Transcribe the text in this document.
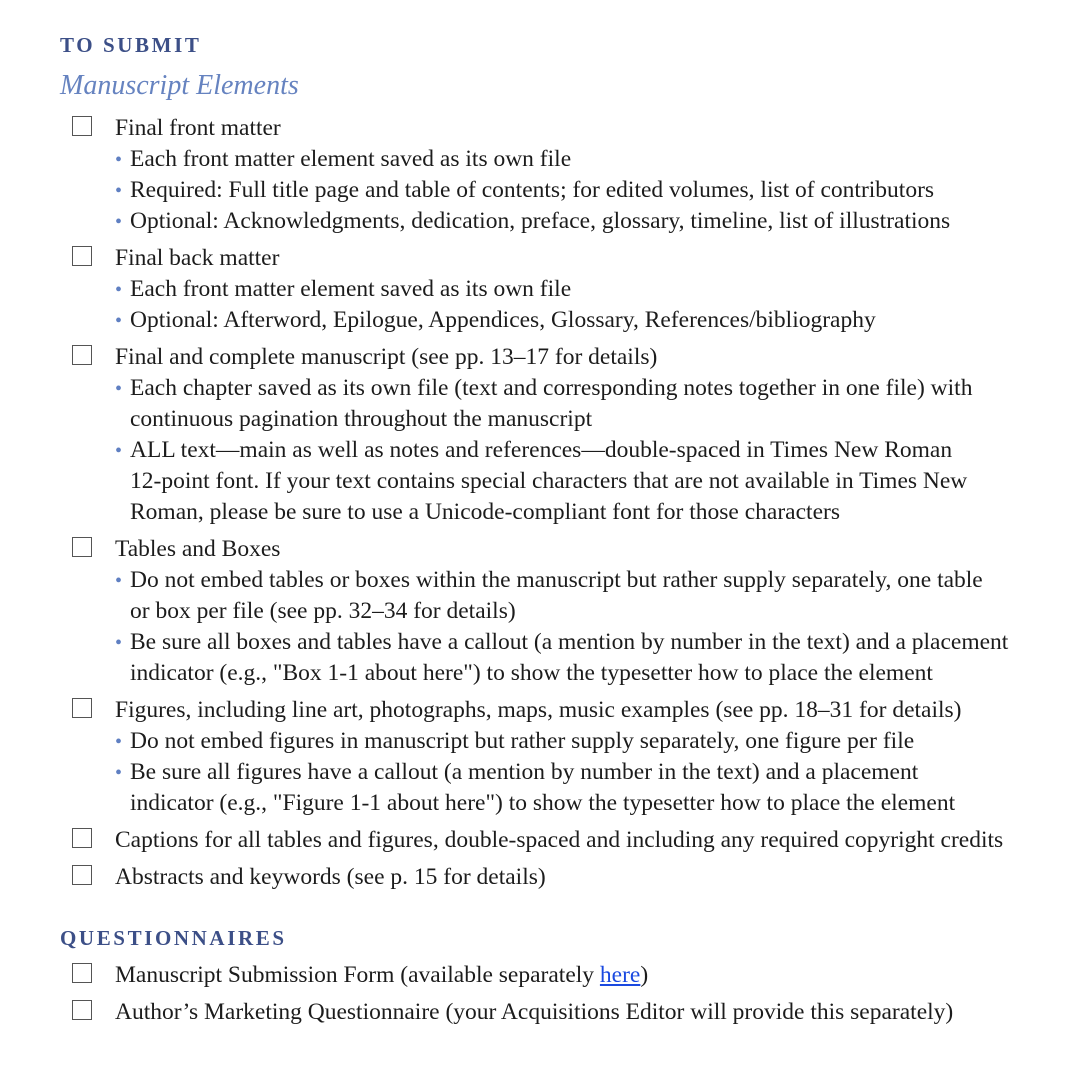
TO SUBMIT
Manuscript Elements
Final front matter
• Each front matter element saved as its own file
• Required: Full title page and table of contents; for edited volumes, list of contributors
• Optional: Acknowledgments, dedication, preface, glossary, timeline, list of illustrations
Final back matter
• Each front matter element saved as its own file
• Optional: Afterword, Epilogue, Appendices, Glossary, References/bibliography
Final and complete manuscript (see pp. 13–17 for details)
• Each chapter saved as its own file (text and corresponding notes together in one file) with
continuous pagination throughout the manuscript
• ALL text—main as well as notes and references—double-spaced in Times New Roman
12-point font. If your text contains special characters that are not available in Times New
Roman, please be sure to use a Unicode-compliant font for those characters
Tables and Boxes
• Do not embed tables or boxes within the manuscript but rather supply separately, one table
or box per file (see pp. 32–34 for details)
• Be sure all boxes and tables have a callout (a mention by number in the text) and a placement
indicator (e.g., "Box 1-1 about here") to show the typesetter how to place the element
Figures, including line art, photographs, maps, music examples (see pp. 18–31 for details)
• Do not embed figures in manuscript but rather supply separately, one figure per file
• Be sure all figures have a callout (a mention by number in the text) and a placement
indicator (e.g., "Figure 1-1 about here") to show the typesetter how to place the element
Captions for all tables and figures, double-spaced and including any required copyright credits
Abstracts and keywords (see p. 15 for details)
QUESTIONNAIRES
Manuscript Submission Form (available separately here)
Author’s Marketing Questionnaire (your Acquisitions Editor will provide this separately)
